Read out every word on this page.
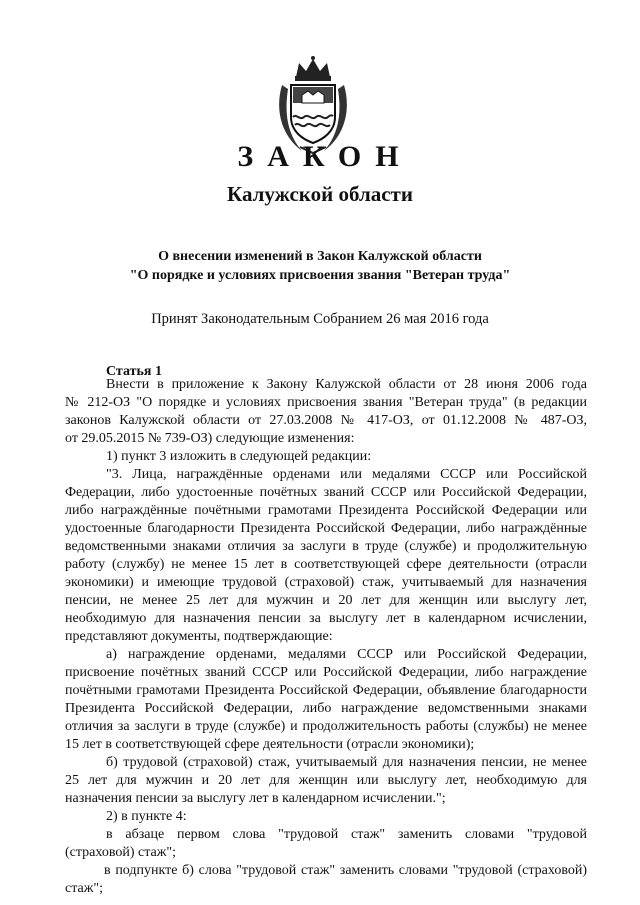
ЗАКОН
Калужской области
О внесении изменений в Закон Калужской области
"О порядке и условиях присвоения звания "Ветеран труда"
Принят Законодательным Собранием 26 мая 2016 года
Статья 1
Внести в приложение к Закону Калужской области от 28 июня 2006 года
№ 212-ОЗ "О порядке и условиях присвоения звания "Ветеран труда" (в редакции
законов Калужской области от 27.03.2008 № 417-ОЗ, от 01.12.2008 № 487-ОЗ,
от 29.05.2015 № 739-ОЗ) следующие изменения:
1) пункт 3 изложить в следующей редакции:
"3. Лица, награждённые орденами или медалями СССР или Российской
Федерации, либо удостоенные почётных званий СССР или Российской Федерации,
либо награждённые почётными грамотами Президента Российской Федерации или
удостоенные благодарности Президента Российской Федерации, либо награждённые
ведомственными знаками отличия за заслуги в труде (службе) и продолжительную
работу (службу) не менее 15 лет в соответствующей сфере деятельности (отрасли
экономики) и имеющие трудовой (страховой) стаж, учитываемый для назначения
пенсии, не менее 25 лет для мужчин и 20 лет для женщин или выслугу лет,
необходимую для назначения пенсии за выслугу лет в календарном исчислении,
представляют документы, подтверждающие:
а) награждение орденами, медалями СССР или Российской Федерации,
присвоение почётных званий СССР или Российской Федерации, либо награждение
почётными грамотами Президента Российской Федерации, объявление благодарности
Президента Российской Федерации, либо награждение ведомственными знаками
отличия за заслуги в труде (службе) и продолжительность работы (службы) не менее
15 лет в соответствующей сфере деятельности (отрасли экономики);
б) трудовой (страховой) стаж, учитываемый для назначения пенсии, не менее
25 лет для мужчин и 20 лет для женщин или выслугу лет, необходимую для
назначения пенсии за выслугу лет в календарном исчислении.";
2) в пункте 4:
в абзаце первом слова "трудовой стаж" заменить словами "трудовой
(страховой) стаж";
в подпункте б) слова "трудовой стаж" заменить словами "трудовой (страховой)
стаж";
